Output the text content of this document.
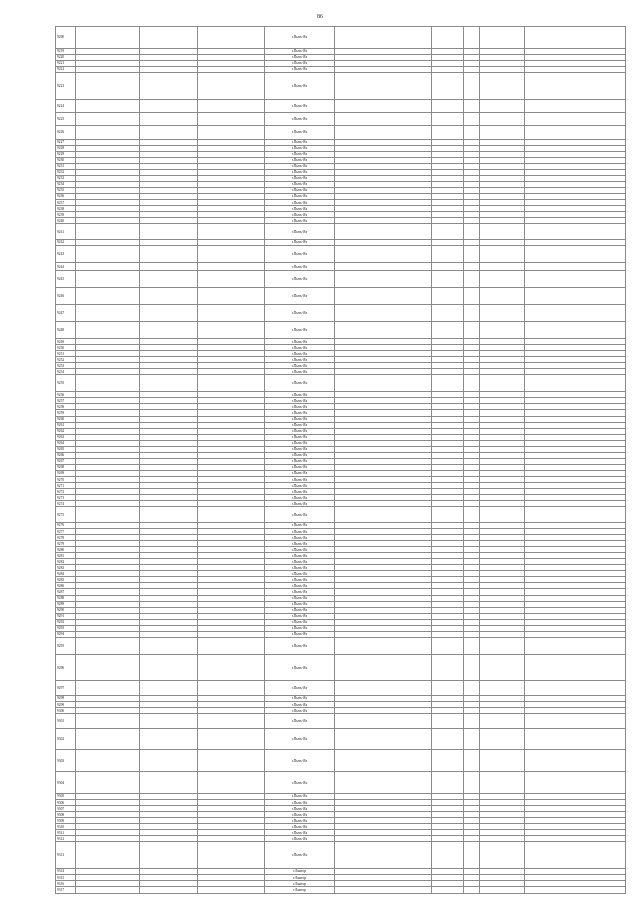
86
9290				г.Пыть-Ях					
9219				г.Пыть-Ях					
9220				г.Пыть-Ях					
9221				г.Пыть-Ях					
9222				г.Пыть-Ях					
9223				г.Пыть-Ях					
9224				г.Пыть-Ях					
9225				г.Пыть-Ях					
9226				г.Пыть-Ях					
9227				г.Пыть-Ях					
9228				г.Пыть-Ях					
9229				г.Пыть-Ях					
9230				г.Пыть-Ях					
9231				г.Пыть-Ях					
9232				г.Пыть-Ях					
9233				г.Пыть-Ях					
9234				г.Пыть-Ях					
9235				г.Пыть-Ях					
9236				г.Пыть-Ях					
9237				г.Пыть-Ях					
9238				г.Пыть-Ях					
9239				г.Пыть-Ях					
9240				г.Пыть-Ях					
9241				г.Пыть-Ях					
9242				г.Пыть-Ях					
9243				г.Пыть-Ях					
9244				г.Пыть-Ях					
9245				г.Пыть-Ях					
9246				г.Пыть-Ях					
9247				г.Пыть-Ях					
9248				г.Пыть-Ях					
9249				г.Пыть-Ях					
9250				г.Пыть-Ях					
9251				г.Пыть-Ях					
9252				г.Пыть-Ях					
9253				г.Пыть-Ях					
9254				г.Пыть-Ях					
9255				г.Пыть-Ях					
9256				г.Пыть-Ях					
9257				г.Пыть-Ях					
9258				г.Пыть-Ях					
9259				г.Пыть-Ях					
9260				г.Пыть-Ях					
9261				г.Пыть-Ях					
9262				г.Пыть-Ях					
9263				г.Пыть-Ях					
9264				г.Пыть-Ях					
9265				г.Пыть-Ях					
9266				г.Пыть-Ях					
9267				г.Пыть-Ях					
9268				г.Пыть-Ях					
9269				г.Пыть-Ях					
9270				г.Пыть-Ях					
9271				г.Пыть-Ях					
9272				г.Пыть-Ях					
9273				г.Пыть-Ях					
9274				г.Пыть-Ях					
9275				г.Пыть-Ях					
9276				г.Пыть-Ях					
9277				г.Пыть-Ях					
9278				г.Пыть-Ях					
9279				г.Пыть-Ях					
9280				г.Пыть-Ях					
9281				г.Пыть-Ях					
9282				г.Пыть-Ях					
9283				г.Пыть-Ях					
9284				г.Пыть-Ях					
9285				г.Пыть-Ях					
9286				г.Пыть-Ях					
9287				г.Пыть-Ях					
9288				г.Пыть-Ях					
9289				г.Пыть-Ях					
9290				г.Пыть-Ях					
9291				г.Пыть-Ях					
9292				г.Пыть-Ях					
9293				г.Пыть-Ях					
9294				г.Пыть-Ях					
9295				г.Пыть-Ях					
9296				г.Пыть-Ях					
9297				г.Пыть-Ях					
9298				г.Пыть-Ях					
9299				г.Пыть-Ях					
9300				г.Пыть-Ях					
9301				г.Пыть-Ях					
9302				г.Пыть-Ях					
9303				г.Пыть-Ях					
9304				г.Пыть-Ях					
9305				г.Пыть-Ях					
9306				г.Пыть-Ях					
9307				г.Пыть-Ях					
9308				г.Пыть-Ях					
9309				г.Пыть-Ях					
9310				г.Пыть-Ях					
9311				г.Пыть-Ях					
9312				г.Пыть-Ях					
9313				г.Пыть-Ях					
9314				г.Лянтор					
9315				г.Лянтор					
9316				г.Лянтор					
9317				г.Лянтор					
